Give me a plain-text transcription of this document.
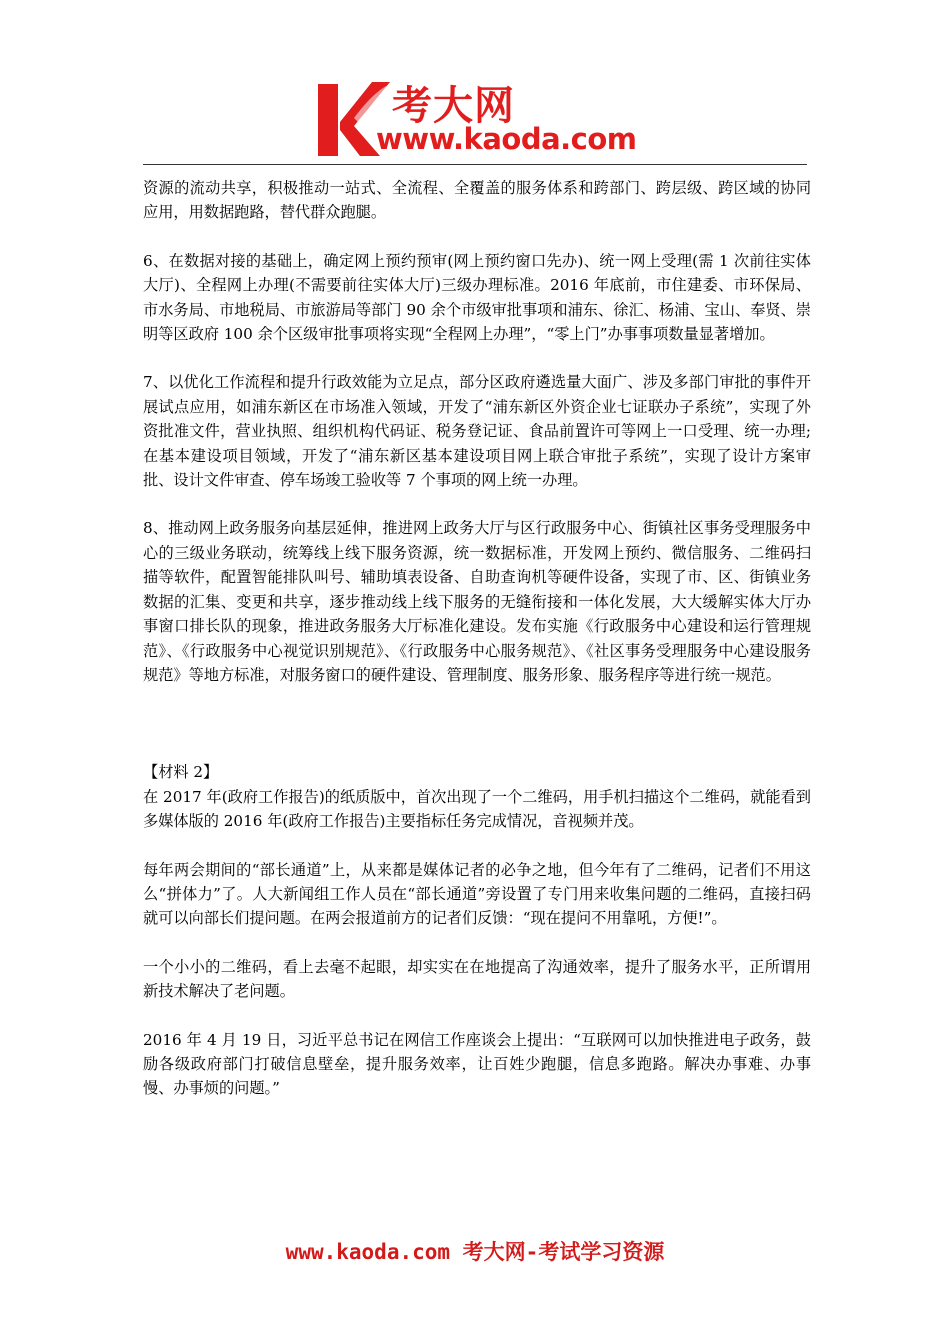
考大网
www.kaoda.com

资源的流动共享，积极推动一站式、全流程、全覆盖的服务体系和跨部门、跨层级、跨区域的协同应用，用数据跑路，替代群众跑腿。

6、在数据对接的基础上，确定网上预约预审(网上预约窗口先办)、统一网上受理(需 1 次前往实体大厅)、全程网上办理(不需要前往实体大厅)三级办理标准。2016 年底前，市住建委、市环保局、市水务局、市地税局、市旅游局等部门 90 余个市级审批事项和浦东、徐汇、杨浦、宝山、奉贤、崇明等区政府 100 余个区级审批事项将实现“全程网上办理”，“零上门”办事事项数量显著增加。

7、以优化工作流程和提升行政效能为立足点，部分区政府遴选量大面广、涉及多部门审批的事件开展试点应用，如浦东新区在市场准入领域，开发了“浦东新区外资企业七证联办子系统”，实现了外资批准文件，营业执照、组织机构代码证、税务登记证、食品前置许可等网上一口受理、统一办理;在基本建设项目领域，开发了“浦东新区基本建设项目网上联合审批子系统”，实现了设计方案审批、设计文件审查、停车场竣工验收等 7 个事项的网上统一办理。

8、推动网上政务服务向基层延伸，推进网上政务大厅与区行政服务中心、街镇社区事务受理服务中心的三级业务联动，统筹线上线下服务资源，统一数据标准，开发网上预约、微信服务、二维码扫描等软件，配置智能排队叫号、辅助填表设备、自助查询机等硬件设备，实现了市、区、街镇业务数据的汇集、变更和共享，逐步推动线上线下服务的无缝衔接和一体化发展，大大缓解实体大厅办事窗口排长队的现象，推进政务服务大厅标准化建设。发布实施《行政服务中心建设和运行管理规范》、《行政服务中心视觉识别规范》、《行政服务中心服务规范》、《社区事务受理服务中心建设服务规范》等地方标准，对服务窗口的硬件建设、管理制度、服务形象、服务程序等进行统一规范。

【材料 2】

在 2017 年(政府工作报告)的纸质版中，首次出现了一个二维码，用手机扫描这个二维码，就能看到多媒体版的 2016 年(政府工作报告)主要指标任务完成情况，音视频并茂。

每年两会期间的“部长通道”上，从来都是媒体记者的必争之地，但今年有了二维码，记者们不用这么“拼体力”了。人大新闻组工作人员在“部长通道”旁设置了专门用来收集问题的二维码，直接扫码就可以向部长们提问题。在两会报道前方的记者们反馈：“现在提问不用靠吼，方便!”。

一个小小的二维码，看上去毫不起眼，却实实在在地提高了沟通效率，提升了服务水平，正所谓用新技术解决了老问题。

2016 年 4 月 19 日，习近平总书记在网信工作座谈会上提出：“互联网可以加快推进电子政务，鼓励各级政府部门打破信息壁垒，提升服务效率，让百姓少跑腿，信息多跑路。解决办事难、办事慢、办事烦的问题。”

www.kaoda.com 考大网-考试学习资源
